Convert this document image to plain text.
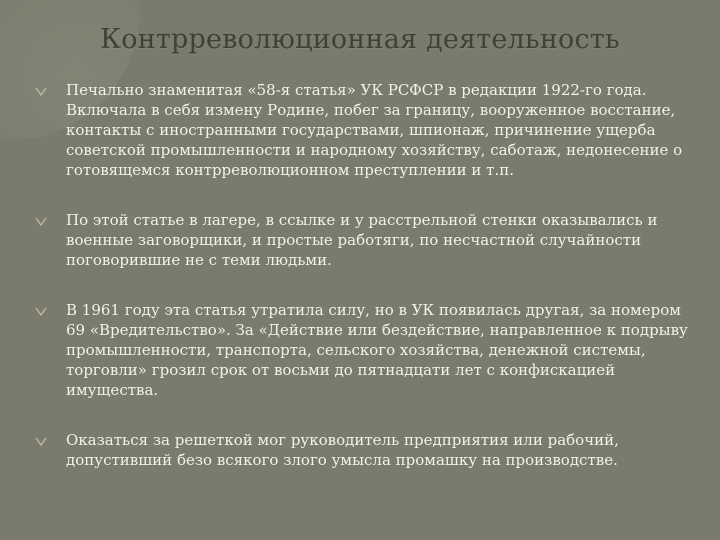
Контрреволюционная деятельность
Печально знаменитая «58-я статья» УК РСФСР в редакции 1922-го года. Включала в себя измену Родине, побег за границу, вооруженное восстание, контакты с иностранными государствами, шпионаж, причинение ущерба советской промышленности и народному хозяйству, саботаж, недонесение о готовящемся контрреволюционном преступлении и т.п.
По этой статье в лагере, в ссылке и у расстрельной стенки оказывались и военные заговорщики, и простые работяги, по несчастной случайности поговорившие не с теми людьми.
В 1961 году эта статья утратила силу, но в УК появилась другая, за номером 69 «Вредительство». За «Действие или бездействие, направленное к подрыву промышленности, транспорта, сельского хозяйства, денежной системы, торговли» грозил срок от восьми до пятнадцати лет с конфискацией имущества.
Оказаться за решеткой мог руководитель предприятия или рабочий, допустивший безо всякого злого умысла промашку на производстве.
